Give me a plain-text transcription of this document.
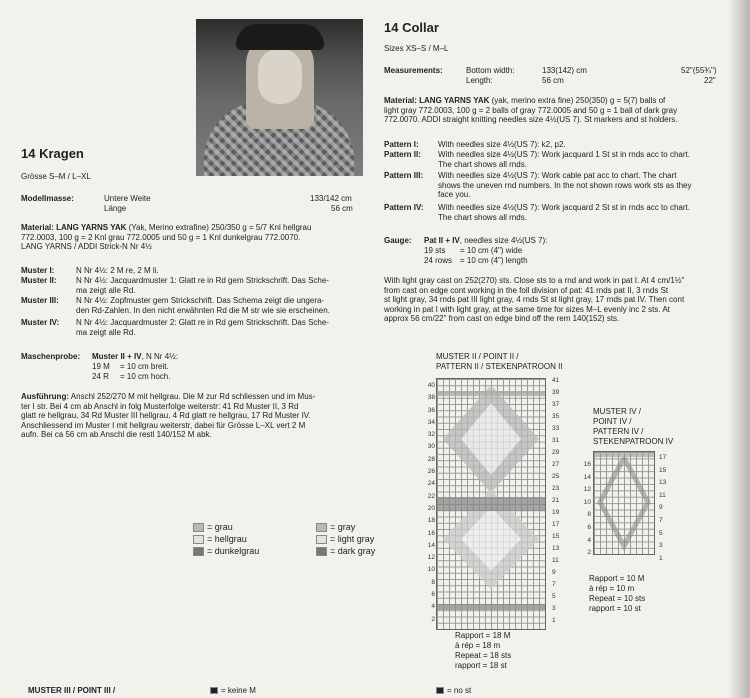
14 Kragen
Grösse S–M / L–XL
Modellmasse:	Untere Weite	133/142 cm
Länge	56 cm
Material: LANG YARNS YAK (Yak, Merino extrafine) 250/350 g = 5/7 Knl hellgrau
772.0003, 100 g = 2 Knl grau 772.0005 und 50 g = 1 Knl dunkelgrau 772.0070.
LANG YARNS / ADDI Strick-N Nr 4½
Muster I:	N Nr 4½: 2 M re, 2 M li.
Muster II: N Nr 4½: Jacquardmuster 1: Glatt re in Rd gem Strickschrift. Das Sche-
ma zeigt alle Rd.
Muster III: N Nr 4½: Zopfmuster gem Strickschrift. Das Schema zeigt die ungera-
den Rd-Zahlen. In den nicht erwähnten Rd die M str wie sie erscheinen.
Muster IV: N Nr 4½: Jacquardmuster 2: Glatt re in Rd gem Strickschrift. Das Sche-
ma zeigt alle Rd.
Maschenprobe: Muster II + IV, N Nr 4½:
19 M = 10 cm breit.
24 R = 10 cm hoch.
Ausführung: Anschl 252/270 M mit hellgrau. Die M zur Rd schliessen und im Mus-
ter I str. Bei 4 cm ab Anschl in folg Musterfolge weiterstr: 41 Rd Muster II, 3 Rd
glatt re hellgrau, 34 Rd Muster III hellgrau, 4 Rd glatt re hellgrau, 17 Rd Muster IV.
Anschliessend im Muster I mit hellgrau weiterstr, dabei für Grösse L–XL vert 2 M
aufn. Bei ca 56 cm ab Anschl die restl 140/152 M abk.
= grau
= hellgrau
= dunkelgrau
= gray
= light gray
= dark gray
14 Collar
Sizes XS–S / M–L
Measurements:	Bottom width:	133(142) cm	52"(55¾")
Length:	56 cm	22"
Material: LANG YARNS YAK (yak, merino extra fine) 250(350) g = 5(7) balls of
light gray 772.0003, 100 g = 2 balls of gray 772.0005 and 50 g = 1 ball of dark gray
772.0070. ADDI straight knitting needles size 4½(US 7). St markers and st holders.
Pattern I: With needles size 4½(US 7): k2, p2.
Pattern II: With needles size 4½(US 7): Work jacquard 1 St st in rnds acc to chart.
The chart shows all rnds.
Pattern III: With needles size 4½(US 7): Work cable pat acc to chart. The chart
shows the uneven rnd numbers. In the not shown rows work sts as they
face you.
Pattern IV: With needles size 4½(US 7): Work jacquard 2 St st in rnds acc to chart.
The chart shows all rnds.
Gauge: Pat II + IV, needles size 4½(US 7):
19 sts = 10 cm (4") wide
24 rows = 10 cm (4") length
With light gray cast on 252(270) sts. Close sts to a rnd and work in pat I. At 4 cm/1½"
from cast on edge cont working in the foll division of pat: 41 rnds pat II, 3 rnds St
st light gray, 34 rnds pat III light gray, 4 rnds St st light gray, 17 rnds pat IV. Then cont
working in pat I with light gray, at the same time for sizes M–L evenly inc 2 sts. At
approx 56 cm/22" from cast on edge bind off the rem 140(152) sts.
MUSTER II / POINT II /
PATTERN II / STEKENPATROON II
40
38
36
34
32
30
28
26
24
22
20
18
16
14
12
10
8
6
4
2
41
39
37
35
33
31
29
27
25
23
21
19
17
15
13
11
9
7
5
3
1
Rapport = 18 M
à rép = 18 m
Repeat = 18 sts
rapport = 18 st
MUSTER IV /
POINT IV /
PATTERN IV /
STEKENPATROON IV
16
14
12
10
8
6
4
2
17
15
13
11
9
7
5
3
1
Rapport = 10 M
à rép = 10 m
Repeat = 10 sts
rapport = 10 st
MUSTER III / POINT III /	= keine M	= no st
